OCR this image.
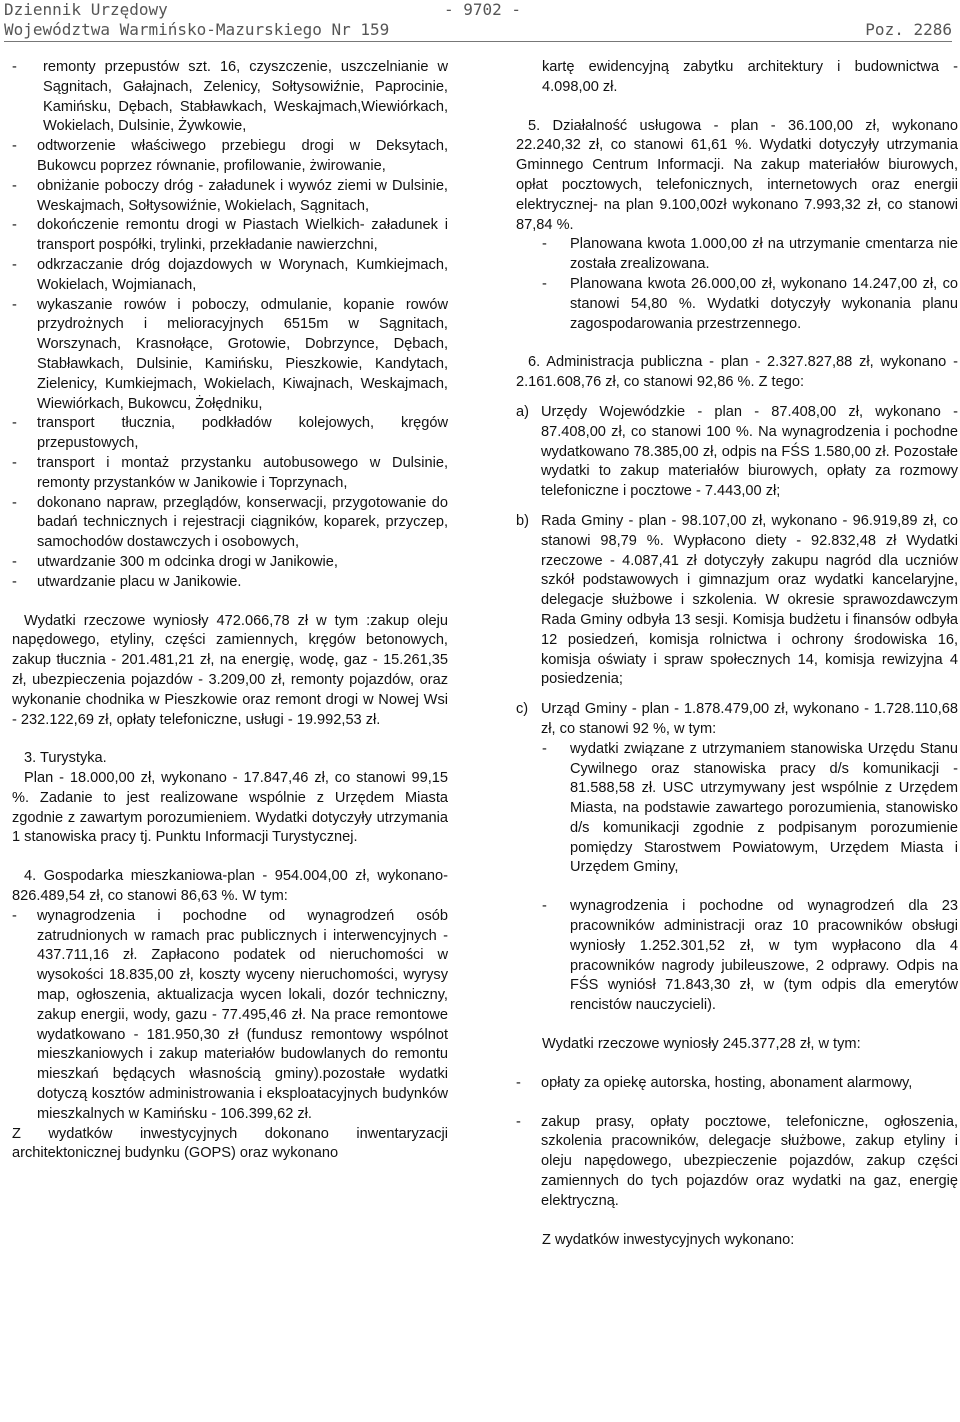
Dziennik Urzędowy	- 9702 -
Województwa Warmińsko-Mazurskiego Nr 159	Poz. 2286
- remonty przepustów szt. 16, czyszczenie, uszczelnianie w Sągnitach, Gałajnach, Zelenicy, Sołtysowiźnie, Paprocinie, Kamińsku, Dębach, Stabławkach, Weskajmach,Wiewiórkach, Wokielach, Dulsinie, Żywkowie,
- odtworzenie właściwego przebiegu drogi w Deksytach, Bukowcu poprzez równanie, profilowanie, żwirowanie,
- obniżanie poboczy dróg - załadunek i wywóz ziemi w Dulsinie, Weskajmach, Sołtysowiźnie, Wokielach, Sągnitach,
- dokończenie remontu drogi w Piastach Wielkich- załadunek i transport pospółki, trylinki, przekładanie nawierzchni,
- odkrzaczanie dróg dojazdowych w Worynach, Kumkiejmach, Wokielach, Wojmianach,
- wykaszanie rowów i poboczy, odmulanie, kopanie rowów przydrożnych i melioracyjnych 6515m w Sągnitach, Worszynach, Krasnołące, Grotowie, Dobrzynce, Dębach, Stabławkach, Dulsinie, Kamińsku, Pieszkowie, Kandytach, Zielenicy, Kumkiejmach, Wokielach, Kiwajnach, Weskajmach, Wiewiórkach, Bukowcu, Żołędniku,
- transport tłucznia, podkładów kolejowych, kręgów przepustowych,
- transport i montaż przystanku autobusowego w Dulsinie, remonty przystanków w Janikowie i Toprzynach,
- dokonano napraw, przeglądów, konserwacji, przygotowanie do badań technicznych i rejestracji ciągników, koparek, przyczep, samochodów dostawczych i osobowych,
- utwardzanie 300 m odcinka drogi w Janikowie,
- utwardzanie placu w Janikowie.

Wydatki rzeczowe wyniosły 472.066,78 zł w tym :zakup oleju napędowego, etyliny, części zamiennych, kręgów betonowych, zakup tłucznia - 201.481,21 zł, na energię, wodę, gaz - 15.261,35 zł, ubezpieczenia pojazdów - 3.209,00 zł, remonty pojazdów, oraz wykonanie chodnika w Pieszkowie oraz remont drogi w Nowej Wsi - 232.122,69 zł, opłaty telefoniczne, usługi - 19.992,53 zł.

3. Turystyka.

Plan - 18.000,00 zł, wykonano - 17.847,46 zł, co stanowi 99,15 %. Zadanie to jest realizowane wspólnie z Urzędem Miasta zgodnie z zawartym porozumieniem. Wydatki dotyczyły utrzymania 1 stanowiska pracy tj. Punktu Informacji Turystycznej.

4. Gospodarka mieszkaniowa-plan - 954.004,00 zł, wykonano- 826.489,54 zł, co stanowi 86,63 %. W tym:

- wynagrodzenia i pochodne od wynagrodzeń osób zatrudnionych w ramach prac publicznych i interwencyjnych - 437.711,16 zł. Zapłacono podatek od nieruchomości w wysokości 18.835,00 zł, koszty wyceny nieruchomości, wyrysy map, ogłoszenia, aktualizacja wycen lokali, dozór techniczny, zakup energii, wody, gazu - 77.495,46 zł. Na prace remontowe wydatkowano - 181.950,30 zł (fundusz remontowy wspólnot mieszkaniowych i zakup materiałów budowlanych do remontu mieszkań będących własnością gminy).pozostałe wydatki dotyczą kosztów administrowania i eksploatacyjnych budynków mieszkalnych w Kamińsku - 106.399,62 zł.

Z wydatków inwestycyjnych dokonano inwentaryzacji architektonicznej budynku (GOPS) oraz wykonano

kartę ewidencyjną zabytku architektury i budownictwa - 4.098,00 zł.

5. Działalność usługowa - plan - 36.100,00 zł, wykonano 22.240,32 zł, co stanowi 61,61 %. Wydatki dotyczyły utrzymania Gminnego Centrum Informacji. Na zakup materiałów biurowych, opłat pocztowych, telefonicznych, internetowych oraz energii elektrycznej- na plan 9.100,00zł wykonano 7.993,32 zł, co stanowi 87,84 %.

- Planowana kwota 1.000,00 zł na utrzymanie cmentarza nie została zrealizowana.
- Planowana kwota 26.000,00 zł, wykonano 14.247,00 zł, co stanowi 54,80 %. Wydatki dotyczyły wykonania planu zagospodarowania przestrzennego.

6. Administracja publiczna - plan - 2.327.827,88 zł, wykonano - 2.161.608,76 zł, co stanowi 92,86 %. Z tego:

a) Urzędy Wojewódzkie - plan - 87.408,00 zł, wykonano - 87.408,00 zł, co stanowi 100 %. Na wynagrodzenia i pochodne wydatkowano 78.385,00 zł, odpis na FŚS 1.580,00 zł. Pozostałe wydatki to zakup materiałów biurowych, opłaty za rozmowy telefoniczne i pocztowe - 7.443,00 zł;
b) Rada Gminy - plan - 98.107,00 zł, wykonano - 96.919,89 zł, co stanowi 98,79 %. Wypłacono diety - 92.832,48 zł Wydatki rzeczowe - 4.087,41 zł dotyczyły zakupu nagród dla uczniów szkół podstawowych i gimnazjum oraz wydatki kancelaryjne, delegacje służbowe i szkolenia. W okresie sprawozdawczym Rada Gminy odbyła 13 sesji. Komisja budżetu i finansów odbyła 12 posiedzeń, komisja rolnictwa i ochrony środowiska 16, komisja oświaty i spraw społecznych 14, komisja rewizyjna 4 posiedzenia;
c) Urząd Gminy - plan - 1.878.479,00 zł, wykonano - 1.728.110,68 zł, co stanowi 92 %, w tym:
- wydatki związane z utrzymaniem stanowiska Urzędu Stanu Cywilnego oraz stanowiska pracy d/s komunikacji - 81.588,58 zł. USC utrzymywany jest wspólnie z Urzędem Miasta, na podstawie zawartego porozumienia, stanowisko d/s komunikacji zgodnie z podpisanym porozumienie pomiędzy Starostwem Powiatowym, Urzędem Miasta i Urzędem Gminy,
- wynagrodzenia i pochodne od wynagrodzeń dla 23 pracowników administracji oraz 10 pracowników obsługi wyniosły 1.252.301,52 zł, w tym wypłacono dla 4 pracowników nagrody jubileuszowe, 2 odprawy. Odpis na FŚS wyniósł 71.843,30 zł, w (tym odpis dla emerytów rencistów nauczycieli).

Wydatki rzeczowe wyniosły 245.377,28 zł, w tym:

- opłaty za opiekę autorska, hosting, abonament alarmowy,
- zakup prasy, opłaty pocztowe, telefoniczne, ogłoszenia, szkolenia pracowników, delegacje służbowe, zakup etyliny i oleju napędowego, ubezpieczenie pojazdów, zakup części zamiennych do tych pojazdów oraz wydatki na gaz, energię elektryczną.

Z wydatków inwestycyjnych wykonano:
